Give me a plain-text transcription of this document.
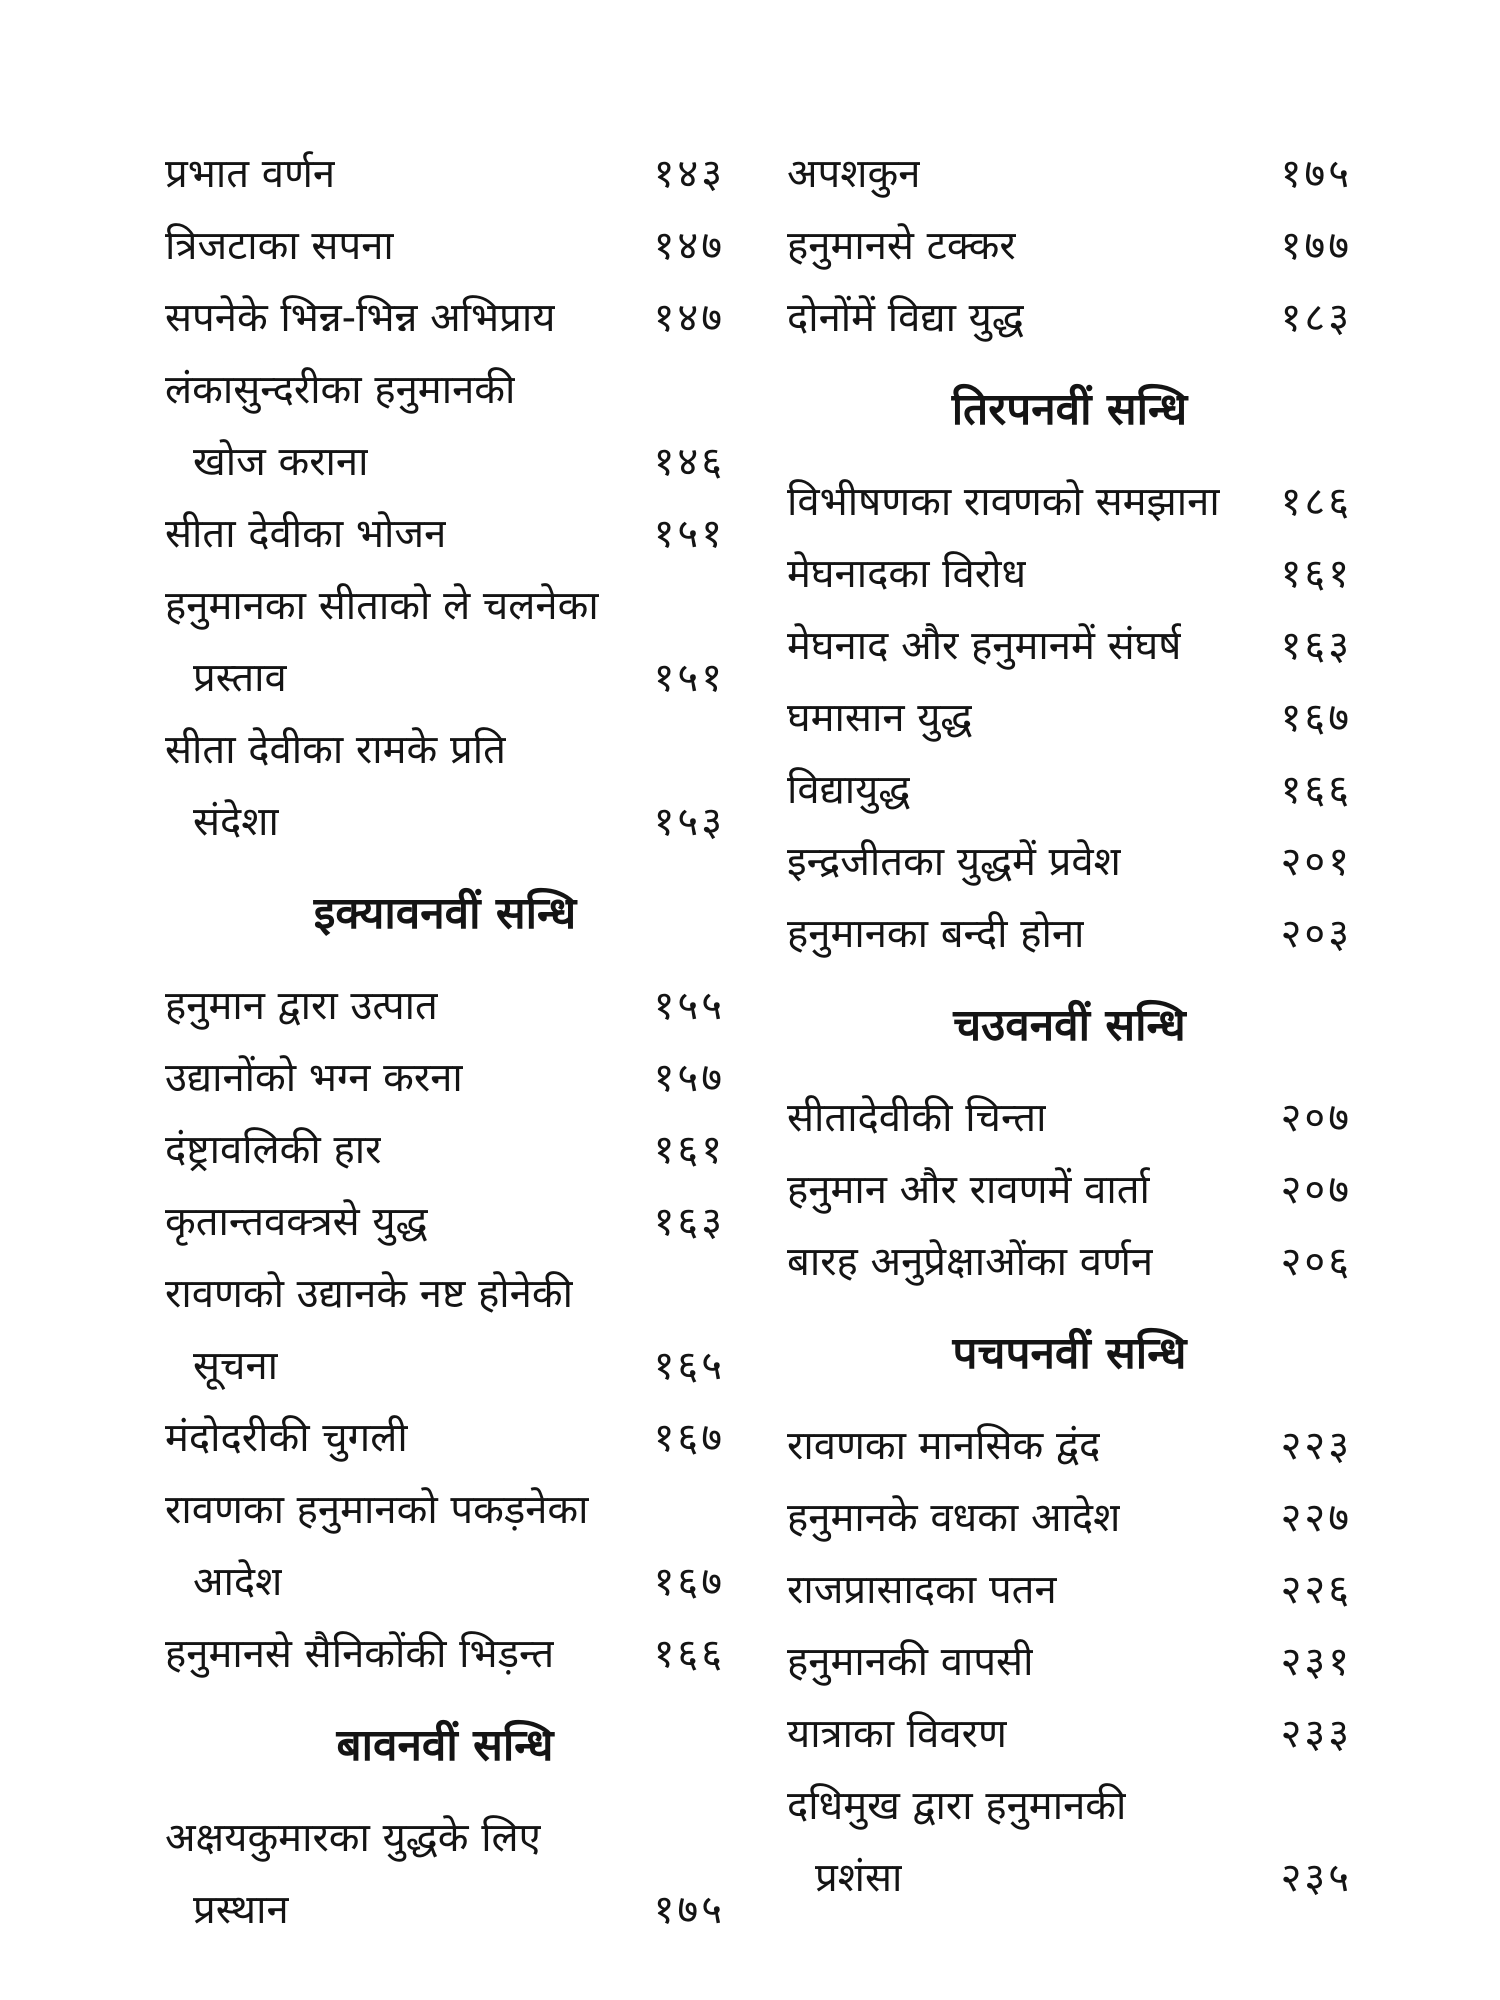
प्रभात वर्णन	१४३
त्रिजटाका सपना	१४७
सपनेके भिन्न-भिन्न अभिप्राय १४७
लंकासुन्दरीका हनुमानकी
खोज कराना	१४६
सीता देवीका भोजन	१५१
हनुमानका सीताको ले चलनेका
प्रस्ताव	१५१
सीता देवीका रामके प्रति
संदेशा	१५३
इक्यावनवीं सन्धि
हनुमान द्वारा उत्पात	१५५
उद्यानोंको भग्न करना	१५७
दंष्ट्रावलिकी हार	१६१
कृतान्तवक्त्रसे युद्ध	१६३
रावणको उद्यानके नष्ट होनेकी
सूचना	१६५
मंदोदरीकी चुगली	१६७
रावणका हनुमानको पकड़नेका
आदेश	१६७
हनुमानसे सैनिकोंकी भिड़न्त १६६
बावनवीं सन्धि
अक्षयकुमारका युद्धके लिए
प्रस्थान	१७५
अपशकुन	१७५
हनुमानसे टक्कर	१७७
दोनोंमें विद्या युद्ध	१८३
तिरपनवीं सन्धि
विभीषणका रावणको समझाना १८६
मेघनादका विरोध	१६१
मेघनाद और हनुमानमें संघर्ष १६३
घमासान युद्ध	१६७
विद्यायुद्ध	१६६
इन्द्रजीतका युद्धमें प्रवेश	२०१
हनुमानका बन्दी होना	२०३
चउवनवीं सन्धि
सीतादेवीकी चिन्ता	२०७
हनुमान और रावणमें वार्ता	२०७
बारह अनुप्रेक्षाओंका वर्णन	२०६
पचपनवीं सन्धि
रावणका मानसिक द्वंद	२२३
हनुमानके वधका आदेश	२२७
राजप्रासादका पतन	२२६
हनुमानकी वापसी	२३१
यात्राका विवरण	२३३
दधिमुख द्वारा हनुमानकी
प्रशंसा	२३५
